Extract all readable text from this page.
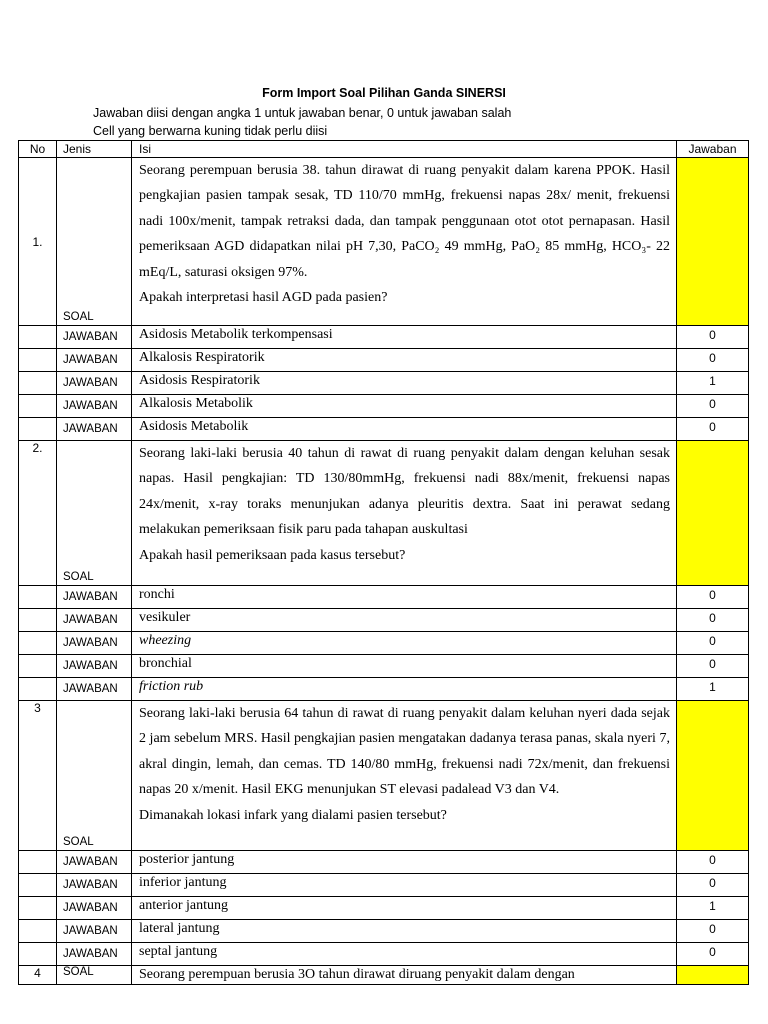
Form Import Soal Pilihan Ganda SINERSI
Jawaban diisi dengan angka 1 untuk jawaban benar, 0 untuk jawaban salah
Cell yang berwarna kuning tidak perlu diisi
No	Jenis	Isi	Jawaban
1.	SOAL	Seorang perempuan berusia 38. tahun dirawat di ruang penyakit dalam karena PPOK. Hasil pengkajian pasien tampak sesak, TD 110/70 mmHg, frekuensi napas 28x/ menit, frekuensi nadi 100x/menit, tampak retraksi dada, dan tampak penggunaan otot otot pernapasan. Hasil pemeriksaan AGD didapatkan nilai pH 7,30, PaCO₂ 49 mmHg, PaO₂ 85 mmHg, HCO₃- 22 mEq/L, saturasi oksigen 97%.
Apakah interpretasi hasil AGD pada pasien?	

	JAWABAN	Asidosis Metabolik terkompensasi	0
	JAWABAN	Alkalosis Respiratorik	0
	JAWABAN	Asidosis Respiratorik	1
	JAWABAN	Alkalosis Metabolik	0
	JAWABAN	Asidosis Metabolik	0
2.	SOAL	Seorang laki-laki berusia 40 tahun di rawat di ruang penyakit dalam dengan keluhan sesak napas. Hasil pengkajian: TD 130/80mmHg, frekuensi nadi 88x/menit, frekuensi napas 24x/menit, x-ray toraks menunjukan adanya pleuritis dextra. Saat ini perawat sedang melakukan pemeriksaan fisik paru pada tahapan auskultasi
Apakah hasil pemeriksaan pada kasus tersebut?	

	JAWABAN	ronchi	0
	JAWABAN	vesikuler	0
	JAWABAN	wheezing	0
	JAWABAN	bronchial	0
	JAWABAN	friction rub	1
3	SOAL	Seorang laki-laki berusia 64 tahun di rawat di ruang penyakit dalam keluhan nyeri dada sejak 2 jam sebelum MRS. Hasil pengkajian pasien mengatakan dadanya terasa panas, skala nyeri 7, akral dingin, lemah, dan cemas. TD 140/80 mmHg, frekuensi nadi 72x/menit, dan frekuensi napas 20 x/menit. Hasil EKG menunjukan ST elevasi padalead V3 dan V4.
Dimanakah lokasi infark yang dialami pasien tersebut?	

	JAWABAN	posterior jantung	0
	JAWABAN	inferior jantung	0
	JAWABAN	anterior jantung	1
	JAWABAN	lateral jantung	0
	JAWABAN	septal jantung	0
4	SOAL	Seorang perempuan berusia 3O tahun dirawat diruang penyakit dalam dengan	
